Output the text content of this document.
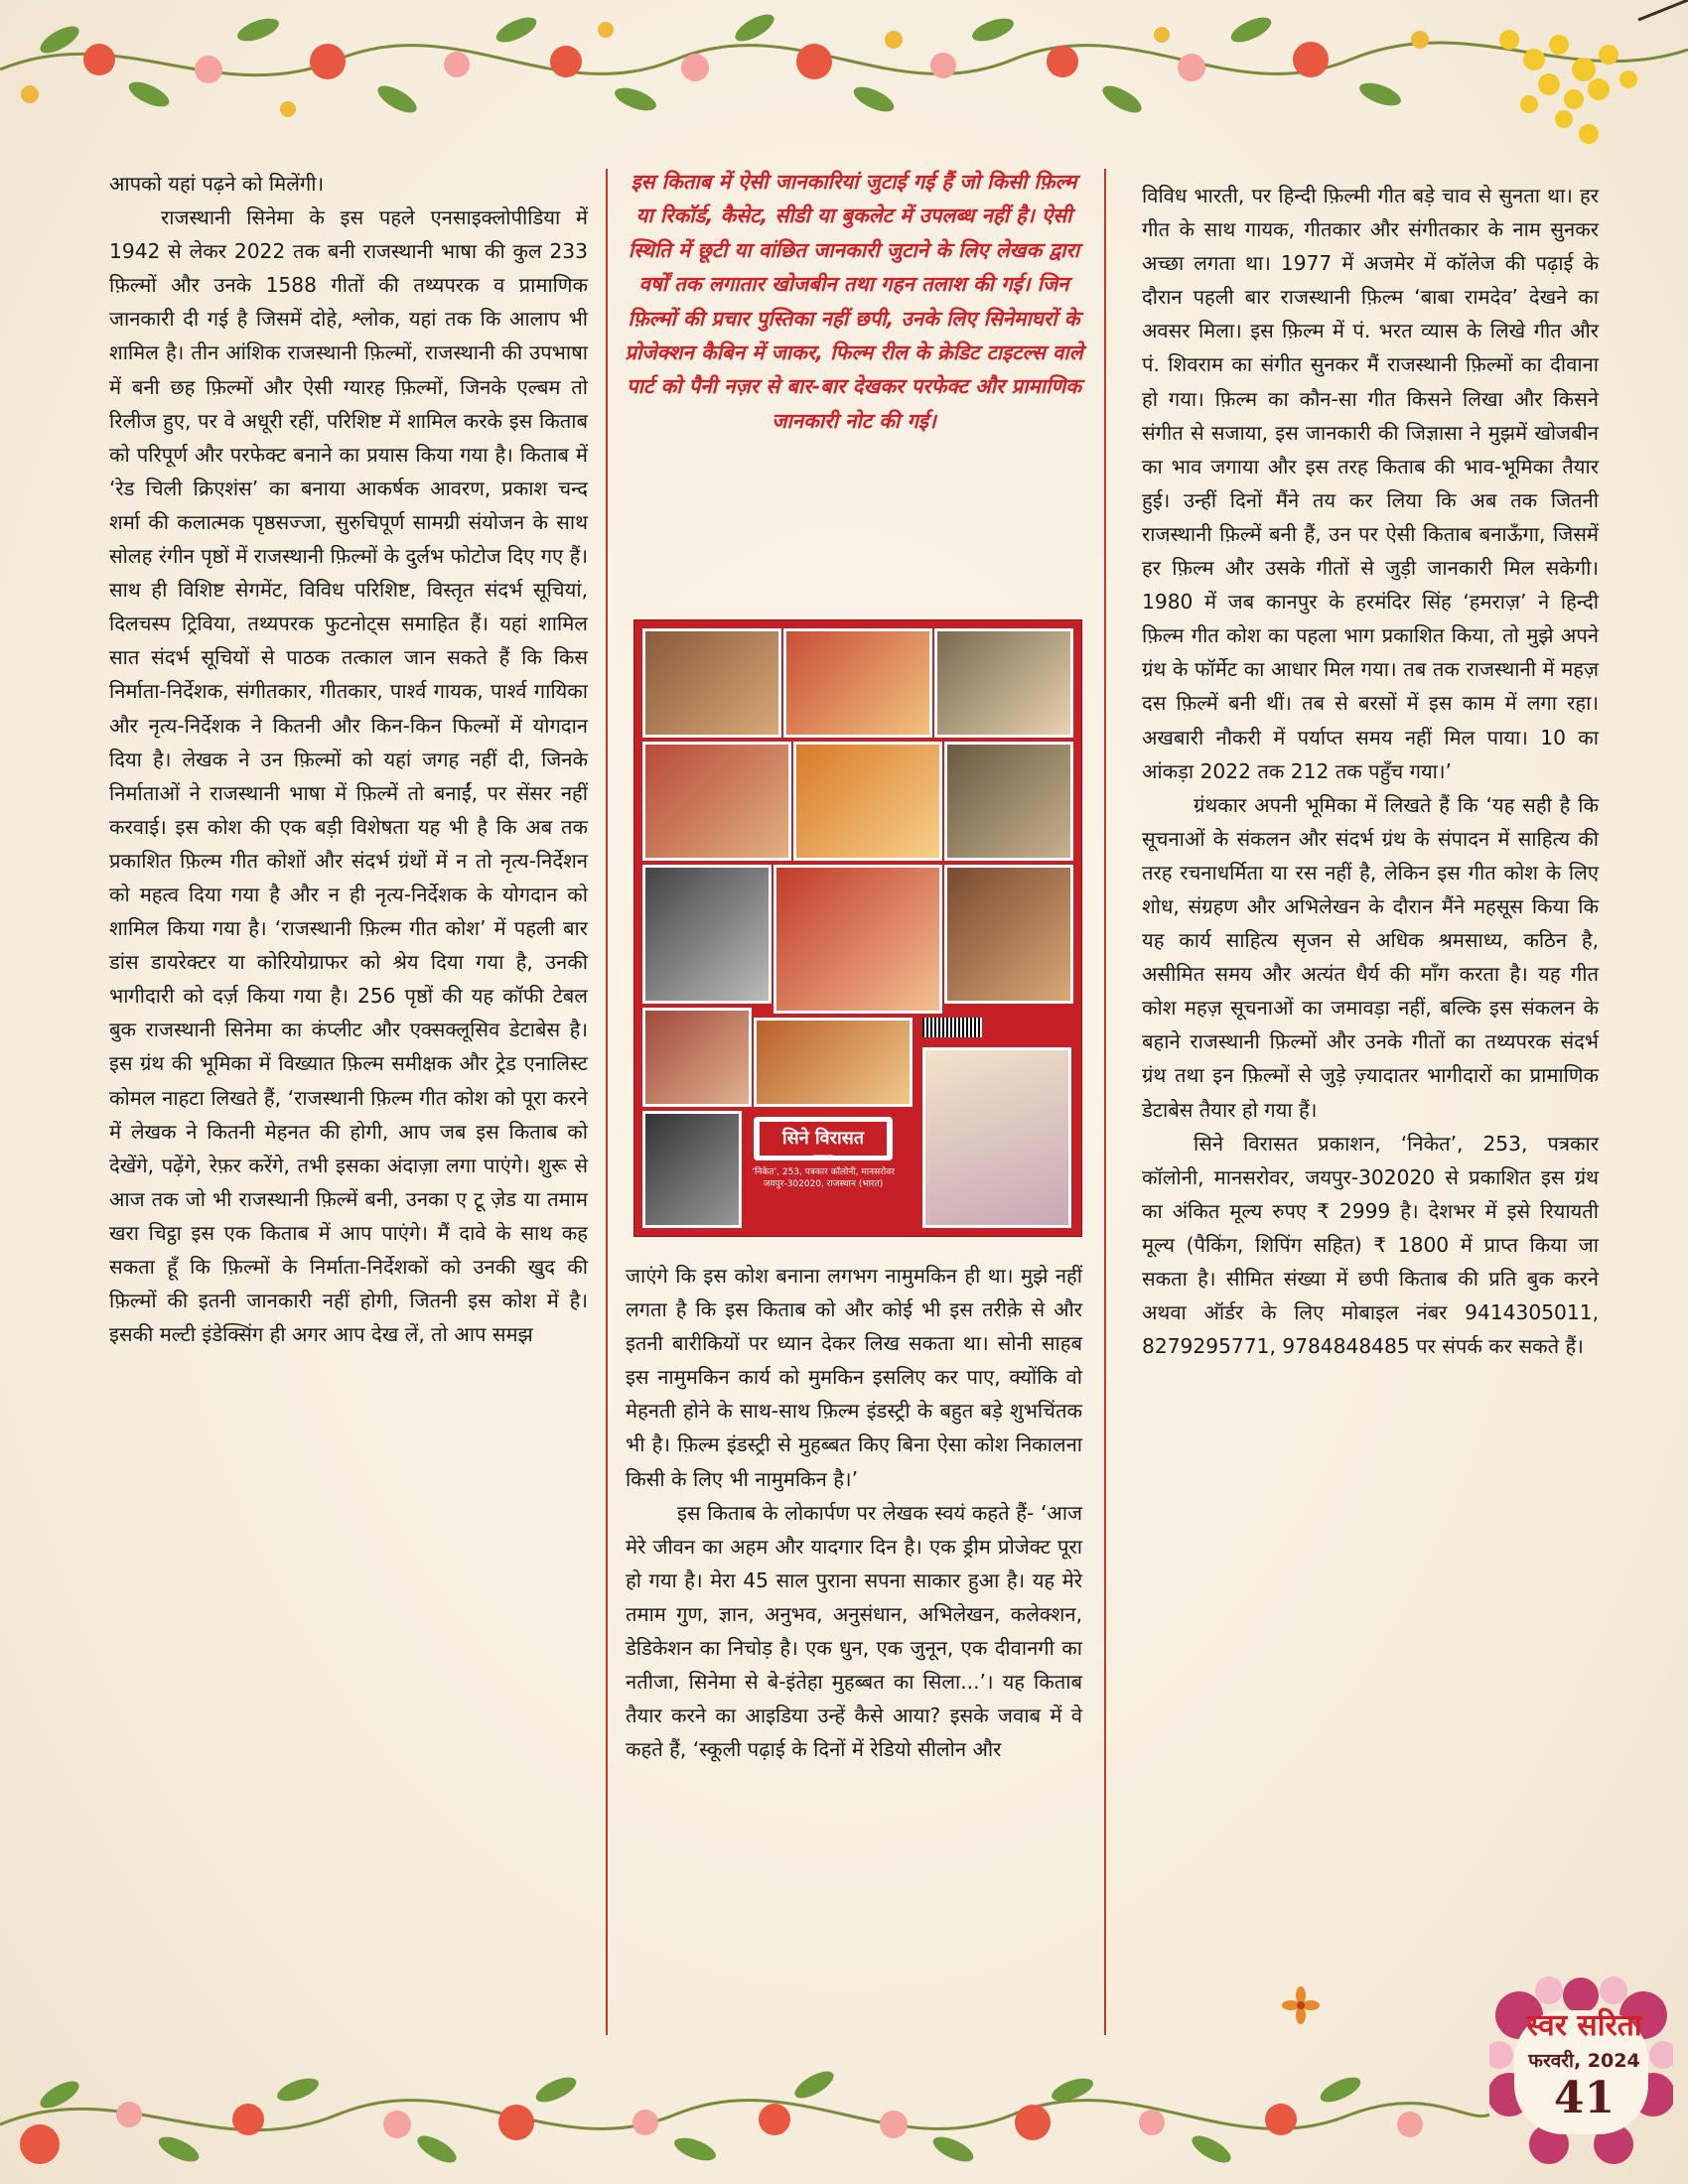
आपको यहां पढ़ने को मिलेंगी।

राजस्थानी सिनेमा के इस पहले एनसाइक्लोपीडिया में 1942 से लेकर 2022 तक बनी राजस्थानी भाषा की कुल 233 फ़िल्मों और उनके 1588 गीतों की तथ्यपरक व प्रामाणिक जानकारी दी गई है जिसमें दोहे, श्लोक, यहां तक कि आलाप भी शामिल है। तीन आंशिक राजस्थानी फ़िल्मों, राजस्थानी की उपभाषा में बनी छह फ़िल्मों और ऐसी ग्यारह फ़िल्मों, जिनके एल्बम तो रिलीज हुए, पर वे अधूरी रहीं, परिशिष्ट में शामिल करके इस किताब को परिपूर्ण और परफेक्ट बनाने का प्रयास किया गया है। किताब में ‘रेड चिली क्रिएशंस’ का बनाया आकर्षक आवरण, प्रकाश चन्द शर्मा की कलात्मक पृष्ठसज्जा, सुरुचिपूर्ण सामग्री संयोजन के साथ सोलह रंगीन पृष्ठों में राजस्थानी फ़िल्मों के दुर्लभ फोटोज दिए गए हैं। साथ ही विशिष्ट सेगमेंट, विविध परिशिष्ट, विस्तृत संदर्भ सूचियां, दिलचस्प ट्रिविया, तथ्यपरक फुटनोट्स समाहित हैं। यहां शामिल सात संदर्भ सूचियों से पाठक तत्काल जान सकते हैं कि किस निर्माता-निर्देशक, संगीतकार, गीतकार, पार्श्व गायक, पार्श्व गायिका और नृत्य-निर्देशक ने कितनी और किन-किन फिल्मों में योगदान दिया है। लेखक ने उन फ़िल्मों को यहां जगह नहीं दी, जिनके निर्माताओं ने राजस्थानी भाषा में फ़िल्में तो बनाईं, पर सेंसर नहीं करवाई। इस कोश की एक बड़ी विशेषता यह भी है कि अब तक प्रकाशित फ़िल्म गीत कोशों और संदर्भ ग्रंथों में न तो नृत्य-निर्देशन को महत्व दिया गया है और न ही नृत्य-निर्देशक के योगदान को शामिल किया गया है। ‘राजस्थानी फ़िल्म गीत कोश’ में पहली बार डांस डायरेक्टर या कोरियोग्राफर को श्रेय दिया गया है, उनकी भागीदारी को दर्ज़ किया गया है। 256 पृष्ठों की यह कॉफी टेबल बुक राजस्थानी सिनेमा का कंप्लीट और एक्सक्लूसिव डेटाबेस है। इस ग्रंथ की भूमिका में विख्यात फ़िल्म समीक्षक और ट्रेड एनालिस्ट कोमल नाहटा लिखते हैं, ‘राजस्थानी फ़िल्म गीत कोश को पूरा करने में लेखक ने कितनी मेहनत की होगी, आप जब इस किताब को देखेंगे, पढ़ेंगे, रेफ़र करेंगे, तभी इसका अंदाज़ा लगा पाएंगे। शुरू से आज तक जो भी राजस्थानी फ़िल्में बनी, उनका ए टू ज़ेड या तमाम खरा चिट्ठा इस एक किताब में आप पाएंगे। मैं दावे के साथ कह सकता हूँ कि फ़िल्मों के निर्माता-निर्देशकों को उनकी खुद की फ़िल्मों की इतनी जानकारी नहीं होगी, जितनी इस कोश में है। इसकी मल्टी इंडेक्सिंग ही अगर आप देख लें, तो आप समझ

इस किताब में ऐसी जानकारियां जुटाई गई हैं जो किसी फ़िल्म या रिकॉर्ड, कैसेट, सीडी या बुकलेट में उपलब्ध नहीं है। ऐसी स्थिति में छूटी या वांछित जानकारी जुटाने के लिए लेखक द्वारा वर्षों तक लगातार खोजबीन तथा गहन तलाश की गई। जिन फ़िल्मों की प्रचार पुस्तिका नहीं छपी, उनके लिए सिनेमाघरों के प्रोजेक्शन कैबिन में जाकर, फिल्म रील के क्रेडिट टाइटल्स वाले पार्ट को पैनी नज़र से बार-बार देखकर परफेक्ट और प्रामाणिक जानकारी नोट की गई।
सिने विरासत
प्रकाशन
‘निकेत’, 253, पत्रकार कॉलोनी, मानसरोवर जयपुर-302020, राजस्थान (भारत)

जाएंगे कि इस कोश बनाना लगभग नामुमकिन ही था। मुझे नहीं लगता है कि इस किताब को और कोई भी इस तरीक़े से और इतनी बारीकियों पर ध्यान देकर लिख सकता था। सोनी साहब इस नामुमकिन कार्य को मुमकिन इसलिए कर पाए, क्योंकि वो मेहनती होने के साथ-साथ फ़िल्म इंडस्ट्री के बहुत बड़े शुभचिंतक भी है। फ़िल्म इंडस्ट्री से मुहब्बत किए बिना ऐसा कोश निकालना किसी के लिए भी नामुमकिन है।’

इस किताब के लोकार्पण पर लेखक स्वयं कहते हैं- ‘आज मेरे जीवन का अहम और यादगार दिन है। एक ड्रीम प्रोजेक्ट पूरा हो गया है। मेरा 45 साल पुराना सपना साकार हुआ है। यह मेरे तमाम गुण, ज्ञान, अनुभव, अनुसंधान, अभिलेखन, कलेक्शन, डेडिकेशन का निचोड़ है। एक धुन, एक जुनून, एक दीवानगी का नतीजा, सिनेमा से बे-इंतेहा मुहब्बत का सिला...’। यह किताब तैयार करने का आइडिया उन्हें कैसे आया? इसके जवाब में वे कहते हैं, ‘स्कूली पढ़ाई के दिनों में रेडियो सीलोन और

विविध भारती, पर हिन्दी फ़िल्मी गीत बड़े चाव से सुनता था। हर गीत के साथ गायक, गीतकार और संगीतकार के नाम सुनकर अच्छा लगता था। 1977 में अजमेर में कॉलेज की पढ़ाई के दौरान पहली बार राजस्थानी फ़िल्म ‘बाबा रामदेव’ देखने का अवसर मिला। इस फ़िल्म में पं. भरत व्यास के लिखे गीत और पं. शिवराम का संगीत सुनकर मैं राजस्थानी फ़िल्मों का दीवाना हो गया। फ़िल्म का कौन-सा गीत किसने लिखा और किसने संगीत से सजाया, इस जानकारी की जिज्ञासा ने मुझमें खोजबीन का भाव जगाया और इस तरह किताब की भाव-भूमिका तैयार हुई। उन्हीं दिनों मैंने तय कर लिया कि अब तक जितनी राजस्थानी फ़िल्में बनी हैं, उन पर ऐसी किताब बनाऊँगा, जिसमें हर फ़िल्म और उसके गीतों से जुड़ी जानकारी मिल सकेगी। 1980 में जब कानपुर के हरमंदिर सिंह ‘हमराज़’ ने हिन्दी फ़िल्म गीत कोश का पहला भाग प्रकाशित किया, तो मुझे अपने ग्रंथ के फॉर्मेट का आधार मिल गया। तब तक राजस्थानी में महज़ दस फ़िल्में बनी थीं। तब से बरसों में इस काम में लगा रहा। अखबारी नौकरी में पर्याप्त समय नहीं मिल पाया। 10 का आंकड़ा 2022 तक 212 तक पहुँच गया।’

ग्रंथकार अपनी भूमिका में लिखते हैं कि ‘यह सही है कि सूचनाओं के संकलन और संदर्भ ग्रंथ के संपादन में साहित्य की तरह रचनाधर्मिता या रस नहीं है, लेकिन इस गीत कोश के लिए शोध, संग्रहण और अभिलेखन के दौरान मैंने महसूस किया कि यह कार्य साहित्य सृजन से अधिक श्रमसाध्य, कठिन है, असीमित समय और अत्यंत धैर्य की माँग करता है। यह गीत कोश महज़ सूचनाओं का जमावड़ा नहीं, बल्कि इस संकलन के बहाने राजस्थानी फ़िल्मों और उनके गीतों का तथ्यपरक संदर्भ ग्रंथ तथा इन फ़िल्मों से जुड़े ज़्यादातर भागीदारों का प्रामाणिक डेटाबेस तैयार हो गया हैं।

सिने विरासत प्रकाशन, ‘निकेत’, 253, पत्रकार कॉलोनी, मानसरोवर, जयपुर-302020 से प्रकाशित इस ग्रंथ का अंकित मूल्य रुपए ₹ 2999 है। देशभर में इसे रियायती मूल्य (पैकिंग, शिपिंग सहित) ₹ 1800 में प्राप्त किया जा सकता है। सीमित संख्या में छपी किताब की प्रति बुक करने अथवा ऑर्डर के लिए मोबाइल नंबर 9414305011, 8279295771, 9784848485 पर संपर्क कर सकते हैं।

स्वर सरिता
फरवरी, 2024
41
